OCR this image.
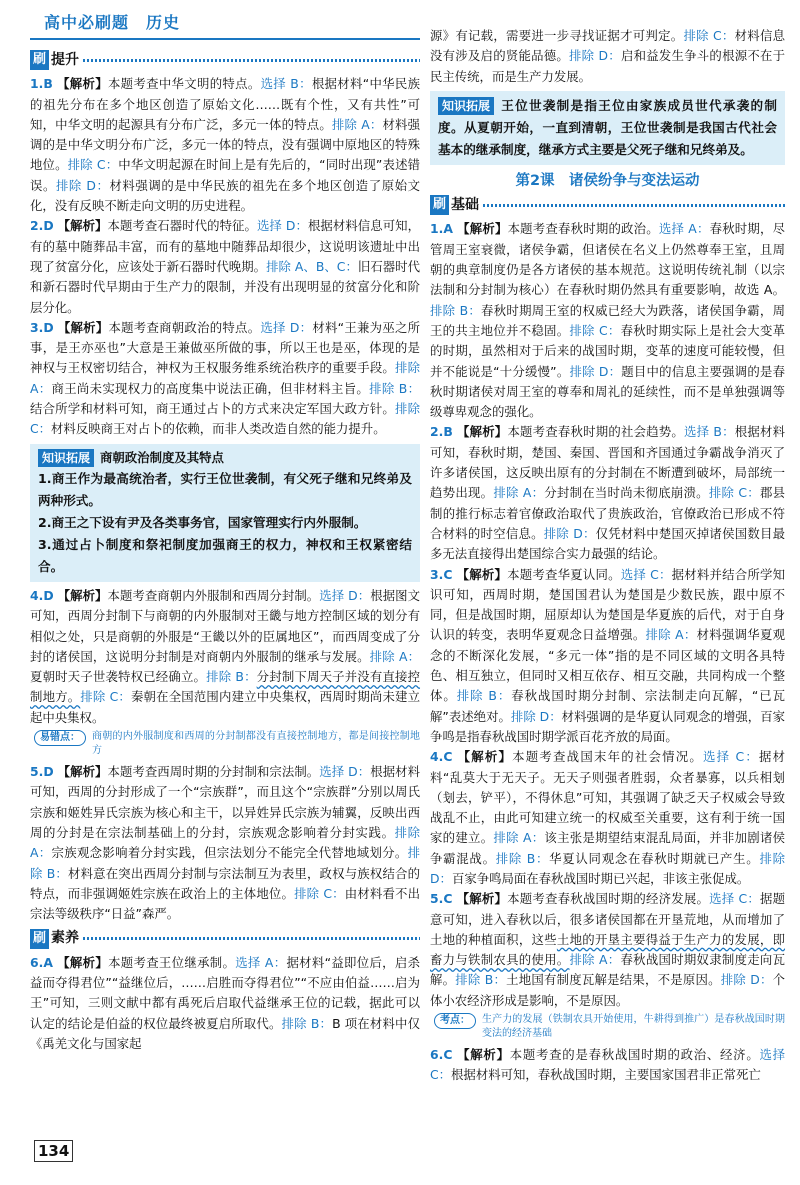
高中必刷题　历史
刷 提升

1.B 【解析】本题考查中华文明的特点。选择 B：根据材料“中华民族的祖先分布在多个地区创造了原始文化……既有个性，又有共性”可知，中华文明的起源具有分布广泛，多元一体的特点。排除 A：材料强调的是中华文明分布广泛，多元一体的特点，没有强调中原地区的特殊地位。排除 C：中华文明起源在时间上是有先后的，“同时出现”表述错误。排除 D：材料强调的是中华民族的祖先在多个地区创造了原始文化，没有反映不断走向文明的历史进程。

2.D 【解析】本题考查石器时代的特征。选择 D：根据材料信息可知，有的墓中随葬品丰富，而有的墓地中随葬品却很少，这说明该遗址中出现了贫富分化，应该处于新石器时代晚期。排除 A、B、C：旧石器时代和新石器时代早期由于生产力的限制，并没有出现明显的贫富分化和阶层分化。

3.D 【解析】本题考查商朝政治的特点。选择 D：材料“王兼为巫之所事，是王亦巫也”大意是王兼做巫所做的事，所以王也是巫，体现的是神权与王权密切结合，神权为王权服务维系统治秩序的重要手段。排除 A：商王尚未实现权力的高度集中说法正确，但非材料主旨。排除 B：结合所学和材料可知，商王通过占卜的方式来决定军国大政方针。排除 C：材料反映商王对占卜的依赖，而非人类改造自然的能力提升。

知识拓展 商朝政治制度及其特点

1.商王作为最高统治者，实行王位世袭制，有父死子继和兄终弟及两种形式。

2.商王之下设有尹及各类事务官，国家管理实行内外服制。

3.通过占卜制度和祭祀制度加强商王的权力，神权和王权紧密结合。

4.D 【解析】本题考查商朝内外服制和西周分封制。选择 D：根据图文可知，西周分封制下与商朝的内外服制对王畿与地方控制区域的划分有相似之处，只是商朝的外服是“王畿以外的臣属地区”，而西周变成了分封的诸侯国，这说明分封制是对商朝内外服制的继承与发展。排除 A：夏朝时天子世袭特权已经确立。排除 B：分封制下周天子并没有直接控制地方。排除 C：秦朝在全国范围内建立中央集权，西周时期尚未建立起中央集权。

易错点：	商朝的内外服制度和西周的分封制都没有直接控制地方，都是间接控制地方

5.D 【解析】本题考查西周时期的分封制和宗法制。选择 D：根据材料可知，西周的分封形成了一个“宗族群”，而且这个“宗族群”分别以周氏宗族和姬姓异氏宗族为核心和主干，以异姓异氏宗族为辅翼，反映出西周的分封是在宗法制基础上的分封，宗族观念影响着分封实践。排除 A：宗族观念影响着分封实践，但宗法划分不能完全代替地域划分。排除 B：材料意在突出西周分封制与宗法制互为表里，政权与族权结合的特点，而非强调姬姓宗族在政治上的主体地位。排除 C：由材料看不出宗法等级秩序“日益”森严。

刷 素养

6.A 【解析】本题考查王位继承制。选择 A：据材料“益即位后，启杀益而夺得君位”“益继位后，……启胜而夺得君位”“不应由伯益……启为王”可知，三则文献中都有禹死后启取代益继承王位的记载，据此可以认定的结论是伯益的权位最终被夏启所取代。排除 B：B 项在材料中仅《禹羌文化与国家起

源》有记载，需要进一步寻找证据才可判定。排除 C：材料信息没有涉及启的贤能品德。排除 D：启和益发生争斗的根源不在于民主传统，而是生产力发展。

知识拓展 王位世袭制是指王位由家族成员世代承袭的制度。从夏朝开始，一直到清朝，王位世袭制是我国古代社会基本的继承制度，继承方式主要是父死子继和兄终弟及。
第2课　诸侯纷争与变法运动
刷 基础

1.A 【解析】本题考查春秋时期的政治。选择 A：春秋时期，尽管周王室衰微，诸侯争霸，但诸侯在名义上仍然尊奉王室，且周朝的典章制度仍是各方诸侯的基本规范。这说明传统礼制（以宗法制和分封制为核心）在春秋时期仍然具有重要影响，故选 A。排除 B：春秋时期周王室的权威已经大为跌落，诸侯国争霸，周王的共主地位并不稳固。排除 C：春秋时期实际上是社会大变革的时期，虽然相对于后来的战国时期，变革的速度可能较慢，但并不能说是“十分缓慢”。排除 D：题目中的信息主要强调的是春秋时期诸侯对周王室的尊奉和周礼的延续性，而不是单独强调等级尊卑观念的强化。

2.B 【解析】本题考查春秋时期的社会趋势。选择 B：根据材料可知，春秋时期，楚国、秦国、晋国和齐国通过争霸战争消灭了许多诸侯国，这反映出原有的分封制在不断遭到破坏，局部统一趋势出现。排除 A：分封制在当时尚未彻底崩溃。排除 C：郡县制的推行标志着官僚政治取代了贵族政治，官僚政治已形成不符合材料的时空信息。排除 D：仅凭材料中楚国灭掉诸侯国数目最多无法直接得出楚国综合实力最强的结论。

3.C 【解析】本题考查华夏认同。选择 C：据材料并结合所学知识可知，西周时期，楚国国君认为楚国是少数民族，跟中原不同，但是战国时期，屈原却认为楚国是华夏族的后代，对于自身认识的转变，表明华夏观念日益增强。排除 A：材料强调华夏观念的不断深化发展，“多元一体”指的是不同区域的文明各具特色、相互独立，但同时又相互依存、相互交融，共同构成一个整体。排除 B：春秋战国时期分封制、宗法制走向瓦解，“已瓦解”表述绝对。排除 D：材料强调的是华夏认同观念的增强，百家争鸣是指春秋战国时期学派百花齐放的局面。

4.C 【解析】本题考查战国末年的社会情况。选择 C：据材料“乱莫大于无天子。无天子则强者胜弱，众者暴寡，以兵相刬（刬去，铲平），不得休息”可知，其强调了缺乏天子权威会导致战乱不止，由此可知建立统一的权威至关重要，这有利于统一国家的建立。排除 A：该主张是期望结束混乱局面，并非加剧诸侯争霸混战。排除 B：华夏认同观念在春秋时期就已产生。排除 D：百家争鸣局面在春秋战国时期已兴起，非该主张促成。

5.C 【解析】本题考查春秋战国时期的经济发展。选择 C：据题意可知，进入春秋以后，很多诸侯国都在开垦荒地，从而增加了土地的种植面积，这些土地的开垦主要得益于生产力的发展，即畜力与铁制农具的使用。排除 A：春秋战国时期奴隶制度走向瓦解。排除 B：土地国有制度瓦解是结果，不是原因。排除 D：个体小农经济形成是影响，不是原因。

考点：	生产力的发展（铁制农具开始使用，牛耕得到推广）是春秋战国时期变法的经济基础

6.C 【解析】本题考查的是春秋战国时期的政治、经济。选择 C：根据材料可知，春秋战国时期，主要国家国君非正常死亡

134
